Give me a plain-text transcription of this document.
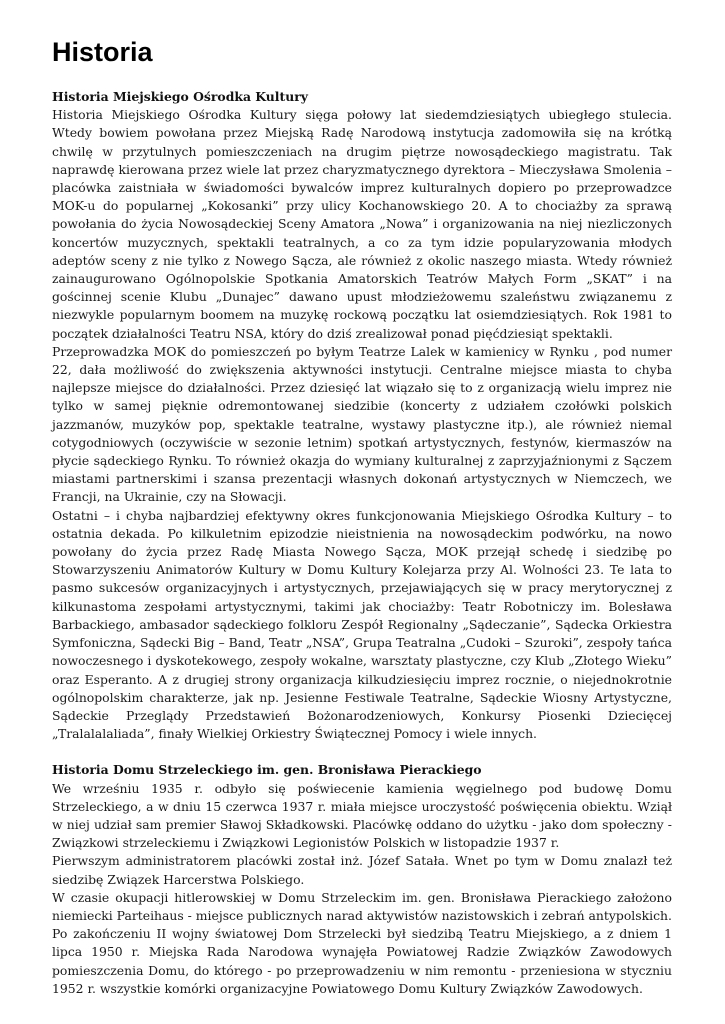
Historia
Historia Miejskiego Ośrodka Kultury

Historia Miejskiego Ośrodka Kultury sięga połowy lat siedemdziesiątych ubiegłego stulecia. Wtedy bowiem powołana przez Miejską Radę Narodową instytucja zadomowiła się na krótką chwilę w przytulnych pomieszczeniach na drugim piętrze nowosądeckiego magistratu. Tak naprawdę kierowana przez wiele lat przez charyzmatycznego dyrektora – Mieczysława Smolenia – placówka zaistniała w świadomości bywalców imprez kulturalnych dopiero po przeprowadzce MOK-u do popularnej „Kokosanki” przy ulicy Kochanowskiego 20. A to chociażby za sprawą powołania do życia Nowosądeckiej Sceny Amatora „Nowa” i organizowania na niej niezliczonych koncertów muzycznych, spektakli teatralnych, a co za tym idzie popularyzowania młodych adeptów sceny z nie tylko z Nowego Sącza, ale również z okolic naszego miasta. Wtedy również zainaugurowano Ogólnopolskie Spotkania Amatorskich Teatrów Małych Form „SKAT” i na gościnnej scenie Klubu „Dunajec” dawano upust młodzieżowemu szaleństwu związanemu z niezwykle popularnym boomem na muzykę rockową początku lat osiemdziesiątych. Rok 1981 to początek działalności Teatru NSA, który do dziś zrealizował ponad pięćdziesiąt spektakli.

Przeprowadzka MOK do pomieszczeń po byłym Teatrze Lalek w kamienicy w Rynku , pod numer 22, dała możliwość do zwiększenia aktywności instytucji. Centralne miejsce miasta to chyba najlepsze miejsce do działalności. Przez dziesięć lat wiązało się to z organizacją wielu imprez nie tylko w samej pięknie odremontowanej siedzibie (koncerty z udziałem czołówki polskich jazzmanów, muzyków pop, spektakle teatralne, wystawy plastyczne itp.), ale również niemal cotygodniowych (oczywiście w sezonie letnim) spotkań artystycznych, festynów, kiermaszów na płycie sądeckiego Rynku. To również okazja do wymiany kulturalnej z zaprzyjaźnionymi z Sączem miastami partnerskimi i szansa prezentacji własnych dokonań artystycznych w Niemczech, we Francji, na Ukrainie, czy na Słowacji.

Ostatni – i chyba najbardziej efektywny okres funkcjonowania Miejskiego Ośrodka Kultury – to ostatnia dekada. Po kilkuletnim epizodzie nieistnienia na nowosądeckim podwórku, na nowo powołany do życia przez Radę Miasta Nowego Sącza, MOK przejął schedę i siedzibę po Stowarzyszeniu Animatorów Kultury w Domu Kultury Kolejarza przy Al. Wolności 23. Te lata to pasmo sukcesów organizacyjnych i artystycznych, przejawiających się w pracy merytorycznej z kilkunastoma zespołami artystycznymi, takimi jak chociażby: Teatr Robotniczy im. Bolesława Barbackiego, ambasador sądeckiego folkloru Zespół Regionalny „Sądeczanie”, Sądecka Orkiestra Symfoniczna, Sądecki Big – Band, Teatr „NSA”, Grupa Teatralna „Cudoki – Szuroki”, zespoły tańca nowoczesnego i dyskotekowego, zespoły wokalne, warsztaty plastyczne, czy Klub „Złotego Wieku” oraz Esperanto. A z drugiej strony organizacja kilkudziesięciu imprez rocznie, o niejednokrotnie ogólnopolskim charakterze, jak np. Jesienne Festiwale Teatralne, Sądeckie Wiosny Artystyczne, Sądeckie Przeglądy Przedstawień Bożonarodzeniowych, Konkursy Piosenki Dziecięcej „Tralalalaliada”, finały Wielkiej Orkiestry Świątecznej Pomocy i wiele innych.

Historia Domu Strzeleckiego im. gen. Bronisława Pierackiego

We wrześniu 1935 r. odbyło się poświecenie kamienia węgielnego pod budowę Domu Strzeleckiego, a w dniu 15 czerwca 1937 r. miała miejsce uroczystość poświęcenia obiektu. Wziął w niej udział sam premier Sławoj Składkowski. Placówkę oddano do użytku - jako dom społeczny - Związkowi strzeleckiemu i Związkowi Legionistów Polskich w listopadzie 1937 r.

Pierwszym administratorem placówki został inż. Józef Satała. Wnet po tym w Domu znalazł też siedzibę Związek Harcerstwa Polskiego.

W czasie okupacji hitlerowskiej w Domu Strzeleckim im. gen. Bronisława Pierackiego założono niemiecki Parteihaus - miejsce publicznych narad aktywistów nazistowskich i zebrań antypolskich.

Po zakończeniu II wojny światowej Dom Strzelecki był siedzibą Teatru Miejskiego, a z dniem 1 lipca 1950 r. Miejska Rada Narodowa wynajęła Powiatowej Radzie Związków Zawodowych pomieszczenia Domu, do którego - po przeprowadzeniu w nim remontu - przeniesiona w styczniu 1952 r. wszystkie komórki organizacyjne Powiatowego Domu Kultury Związków Zawodowych.
